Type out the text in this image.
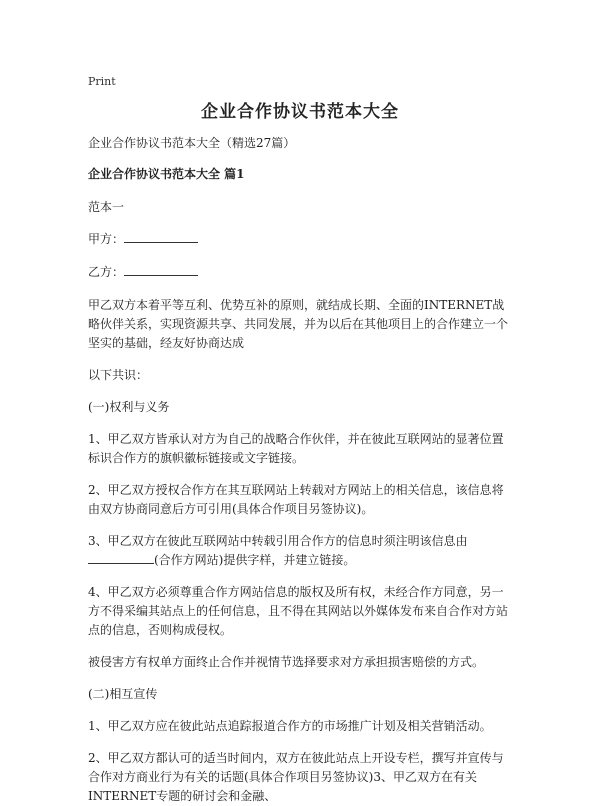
Print
企业合作协议书范本大全

企业合作协议书范本大全（精选27篇）

企业合作协议书范本大全 篇1

范本一

甲方：

乙方：

甲乙双方本着平等互利、优势互补的原则，就结成长期、全面的INTERNET战略伙伴关系，实现资源共享、共同发展，并为以后在其他项目上的合作建立一个坚实的基础，经友好协商达成

以下共识：

(一)权利与义务

1、甲乙双方皆承认对方为自己的战略合作伙伴，并在彼此互联网站的显著位置标识合作方的旗帜徽标链接或文字链接。

2、甲乙双方授权合作方在其互联网站上转载对方网站上的相关信息，该信息将由双方协商同意后方可引用(具体合作项目另签协议)。

3、甲乙双方在彼此互联网站中转载引用合作方的信息时须注明该信息由
(合作方网站)提供字样，并建立链接。

4、甲乙双方必须尊重合作方网站信息的版权及所有权，未经合作方同意，另一方不得采编其站点上的任何信息，且不得在其网站以外媒体发布来自合作对方站点的信息，否则构成侵权。

被侵害方有权单方面终止合作并视情节选择要求对方承担损害赔偿的方式。

(二)相互宣传

1、甲乙双方应在彼此站点追踪报道合作方的市场推广计划及相关营销活动。

2、甲乙双方都认可的适当时间内，双方在彼此站点上开设专栏，撰写并宣传与合作对方商业行为有关的话题(具体合作项目另签协议)3、甲乙双方在有关INTERNET专题的研讨会和金融、
